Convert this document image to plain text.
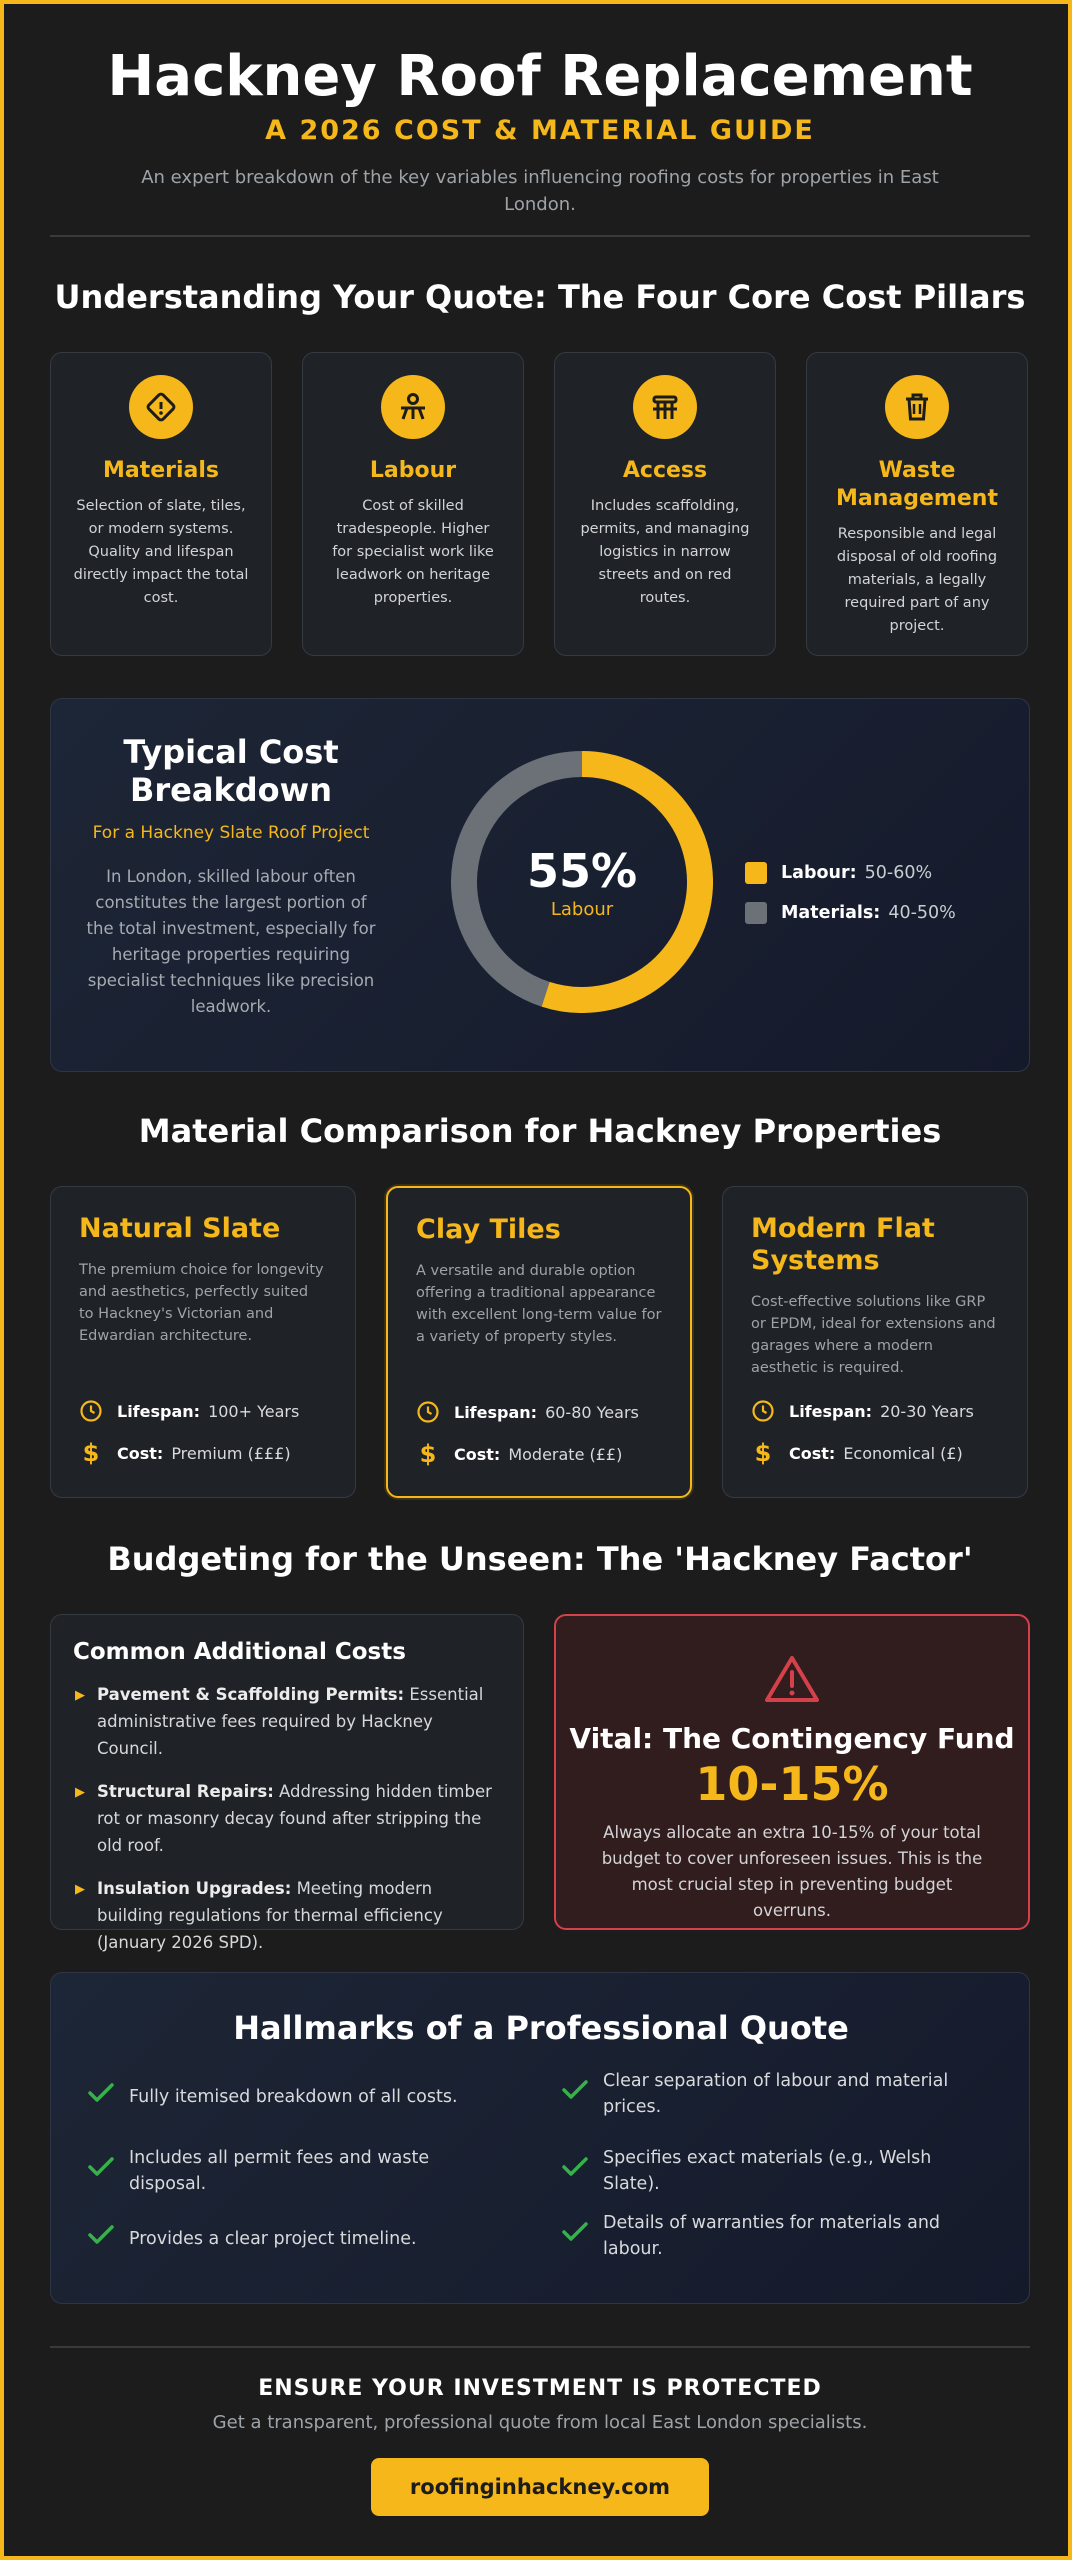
Hackney Roof Replacement
A 2026 COST & MATERIAL GUIDE
An expert breakdown of the key variables influencing roofing costs for properties in East London.
Understanding Your Quote: The Four Core Cost Pillars
Materials

Selection of slate, tiles, or modern systems. Quality and lifespan directly impact the total cost.

Labour

Cost of skilled tradespeople. Higher for specialist work like leadwork on heritage properties.

Access

Includes scaffolding, permits, and managing logistics in narrow streets and on red routes.

Waste Management

Responsible and legal disposal of old roofing materials, a legally required part of any project.

Typical Cost Breakdown
For a Hackney Slate Roof Project

In London, skilled labour often constitutes the largest portion of the total investment, especially for heritage properties requiring specialist techniques like precision leadwork.

55%
Labour
Labour: 50-60%
Materials: 40-50%
Material Comparison for Hackney Properties
Natural Slate

The premium choice for longevity and aesthetics, perfectly suited to Hackney's Victorian and Edwardian architecture.

Lifespan: 100+ Years
$ Cost: Premium (£££)
Clay Tiles

A versatile and durable option offering a traditional appearance with excellent long-term value for a variety of property styles.

Lifespan: 60-80 Years
$ Cost: Moderate (££)
Modern Flat Systems

Cost-effective solutions like GRP or EPDM, ideal for extensions and garages where a modern aesthetic is required.

Lifespan: 20-30 Years
$ Cost: Economical (£)
Budgeting for the Unseen: The 'Hackney Factor'
Common Additional Costs
▶ Pavement & Scaffolding Permits: Essential administrative fees required by Hackney Council.
▶ Structural Repairs: Addressing hidden timber rot or masonry decay found after stripping the old roof.
▶ Insulation Upgrades: Meeting modern building regulations for thermal efficiency (January 2026 SPD).
Vital: The Contingency Fund
10-15%

Always allocate an extra 10-15% of your total budget to cover unforeseen issues. This is the most crucial step in preventing budget overruns.

Hallmarks of a Professional Quote
Fully itemised breakdown of all costs.
Clear separation of labour and material prices.
Includes all permit fees and waste disposal.
Specifies exact materials (e.g., Welsh Slate).
Provides a clear project timeline.
Details of warranties for materials and labour.
ENSURE YOUR INVESTMENT IS PROTECTED
Get a transparent, professional quote from local East London specialists.
roofinginhackney.com
